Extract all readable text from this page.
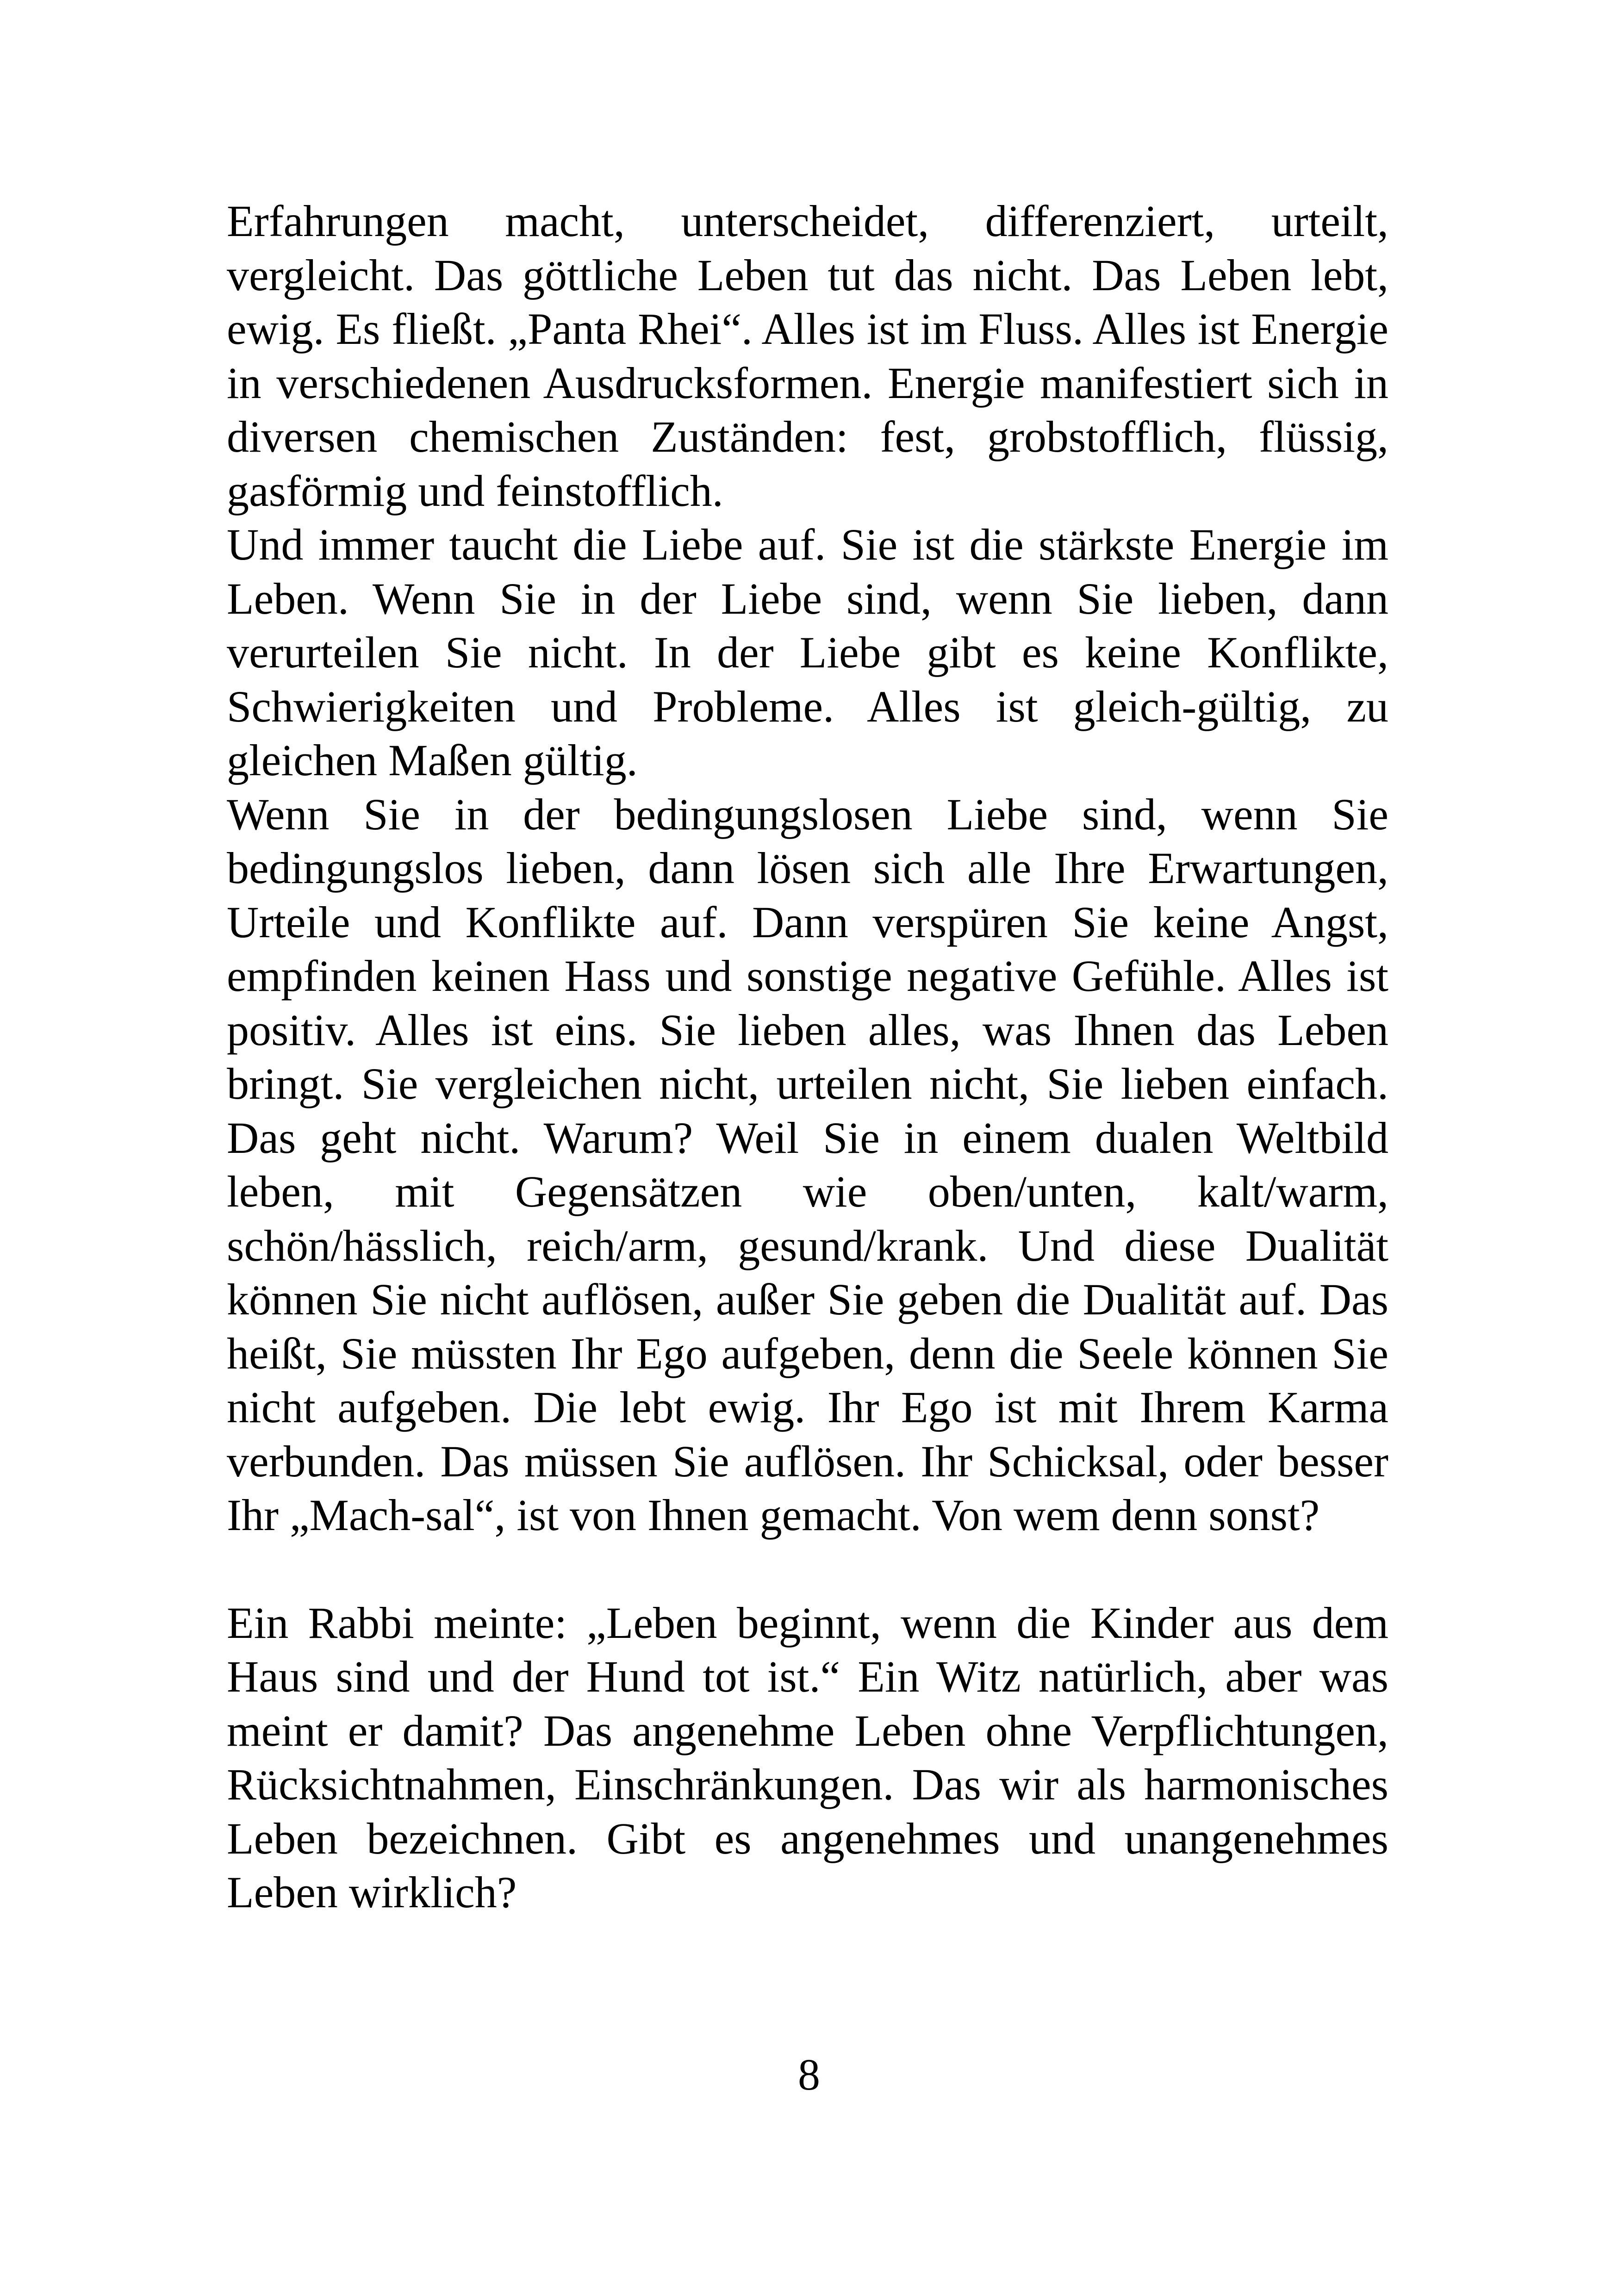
Erfahrungen macht, unterscheidet, differenziert, urteilt, vergleicht. Das göttliche Leben tut das nicht. Das Leben lebt, ewig. Es fließt. „Panta Rhei“. Alles ist im Fluss. Alles ist Energie in verschiedenen Ausdrucksformen. Energie manifestiert sich in diversen chemischen Zuständen: fest, grobstofflich, flüssig, gasförmig und feinstofflich.

Und immer taucht die Liebe auf. Sie ist die stärkste Energie im Leben. Wenn Sie in der Liebe sind, wenn Sie lieben, dann verurteilen Sie nicht. In der Liebe gibt es keine Konflikte, Schwierigkeiten und Probleme. Alles ist gleich-gültig, zu gleichen Maßen gültig.

Wenn Sie in der bedingungslosen Liebe sind, wenn Sie bedingungslos lieben, dann lösen sich alle Ihre Erwartungen, Urteile und Konflikte auf. Dann verspüren Sie keine Angst, empfinden keinen Hass und sonstige negative Gefühle. Alles ist positiv. Alles ist eins. Sie lieben alles, was Ihnen das Leben bringt. Sie vergleichen nicht, urteilen nicht, Sie lieben einfach. Das geht nicht. Warum? Weil Sie in einem dualen Weltbild leben, mit Gegensätzen wie oben/unten, kalt/warm, schön/hässlich, reich/arm, gesund/krank. Und diese Dualität können Sie nicht auflösen, außer Sie geben die Dualität auf. Das heißt, Sie müssten Ihr Ego aufgeben, denn die Seele können Sie nicht aufgeben. Die lebt ewig. Ihr Ego ist mit Ihrem Karma verbunden. Das müssen Sie auflösen. Ihr Schicksal, oder besser Ihr „Mach-sal“, ist von Ihnen gemacht. Von wem denn sonst?

Ein Rabbi meinte: „Leben beginnt, wenn die Kinder aus dem Haus sind und der Hund tot ist.“ Ein Witz natürlich, aber was meint er damit? Das angenehme Leben ohne Verpflichtungen, Rücksichtnahmen, Einschränkungen. Das wir als harmonisches Leben bezeichnen. Gibt es angenehmes und unangenehmes Leben wirklich?

8
